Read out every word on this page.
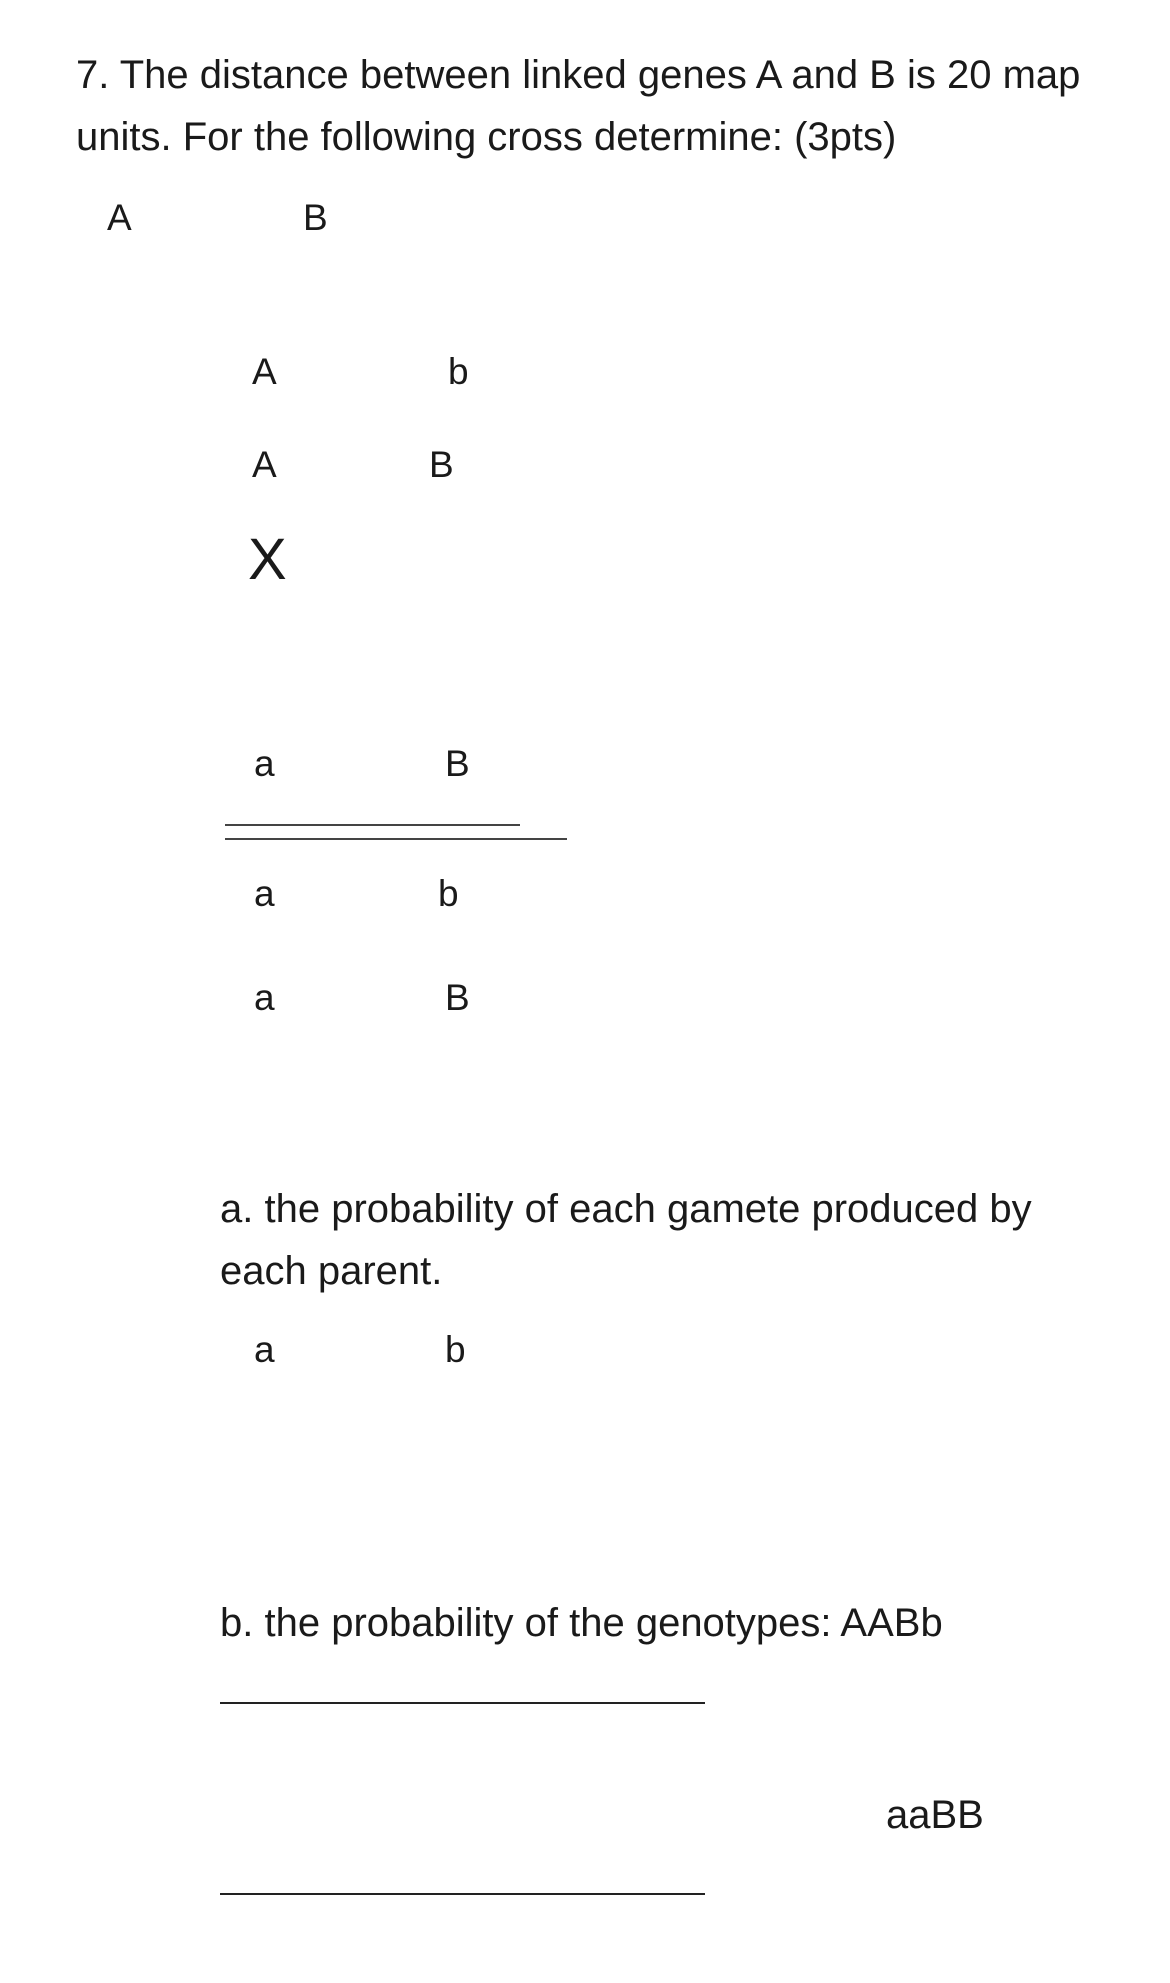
7. The distance between linked genes A and B is 20 map
units. For the following cross determine: (3pts)
A	B
A	b
A	B
X
a	B
a	b
a	B
a. the probability of each gamete produced by
each parent.
a	b
b. the probability of the genotypes: AABb
aaBB
